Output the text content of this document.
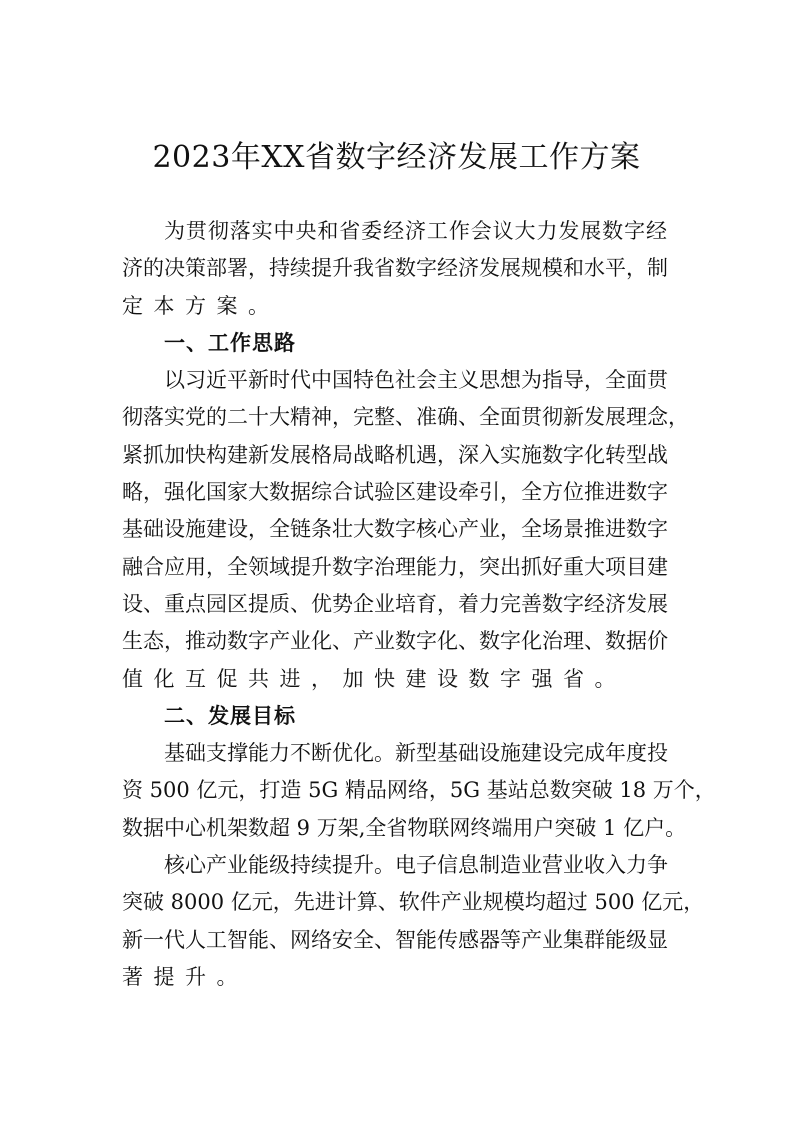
2023年XX省数字经济发展工作方案
为贯彻落实中央和省委经济工作会议大力发展数字经
济的决策部署，持续提升我省数字经济发展规模和水平，制
定本方案。
一、工作思路
以习近平新时代中国特色社会主义思想为指导，全面贯
彻落实党的二十大精神，完整、准确、全面贯彻新发展理念，
紧抓加快构建新发展格局战略机遇，深入实施数字化转型战
略，强化国家大数据综合试验区建设牵引，全方位推进数字
基础设施建设，全链条壮大数字核心产业，全场景推进数字
融合应用，全领域提升数字治理能力，突出抓好重大项目建
设、重点园区提质、优势企业培育，着力完善数字经济发展
生态，推动数字产业化、产业数字化、数字化治理、数据价
值化互促共进，加快建设数字强省。
二、发展目标
基础支撑能力不断优化。新型基础设施建设完成年度投
资 500 亿元，打造 5G 精品网络，5G 基站总数突破 18 万个，
数据中心机架数超 9 万架,全省物联网终端用户突破 1 亿户。
核心产业能级持续提升。电子信息制造业营业收入力争
突破 8000 亿元，先进计算、软件产业规模均超过 500 亿元，
新一代人工智能、网络安全、智能传感器等产业集群能级显
著提升。
